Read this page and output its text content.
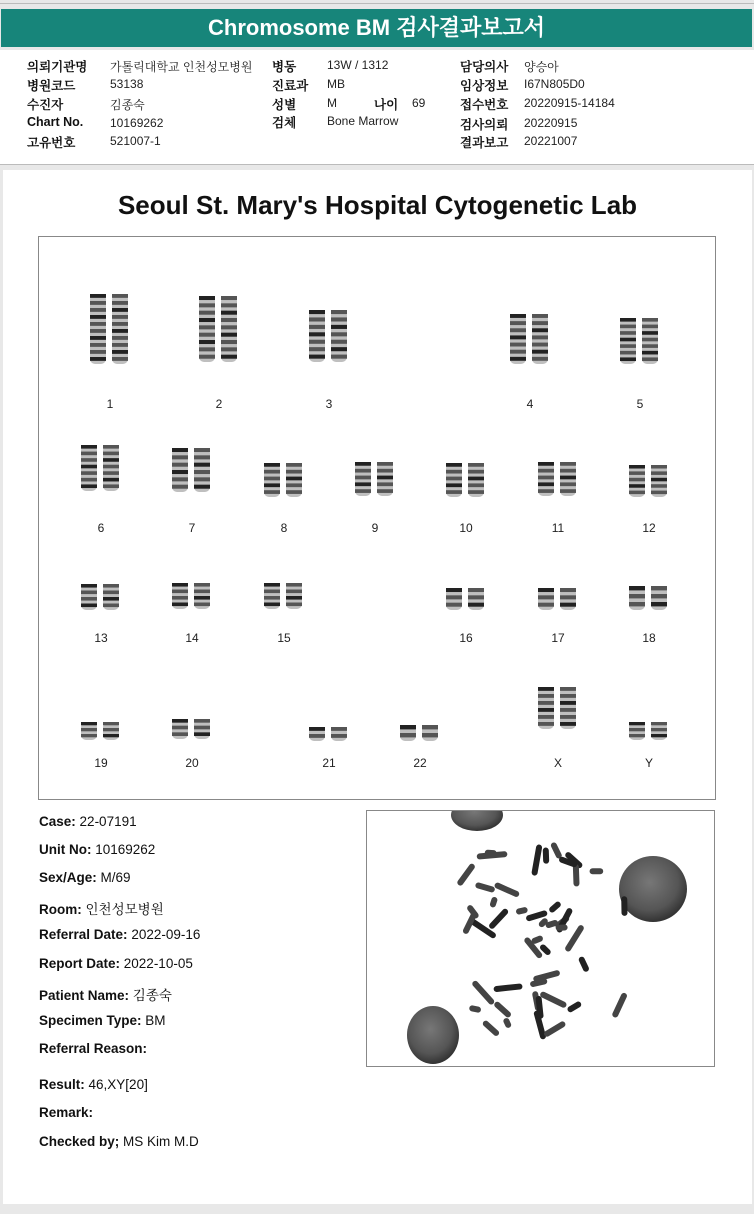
Chromosome BM 검사결과보고서
의뢰기관명 가톨릭대학교 인천성모병원 병동	13W / 1312	담당의사 양승아
병원코드	53138	진료과 MB	임상정보 I67N805D0
수진자	김종숙	성별	M	나이 69	접수번호 20220915-14184
Chart No. 10169262	검체	Bone Marrow	검사의뢰 20220915
고유번호	521007-1	결과보고 20221007
Seoul St. Mary's Hospital Cytogenetic Lab
1	2	3	4	5
6	7	8	9	10	11	12
13	14	15	16	17	18
19	20	21	22	X	Y
Case: 22-07191
Unit No: 10169262
Sex/Age: M/69
Room: 인천성모병원
Referral Date: 2022-09-16
Report Date: 2022-10-05
Patient Name: 김종숙
Specimen Type: BM
Referral Reason:
Result: 46,XY[20]
Remark:
Checked by; MS Kim M.D
